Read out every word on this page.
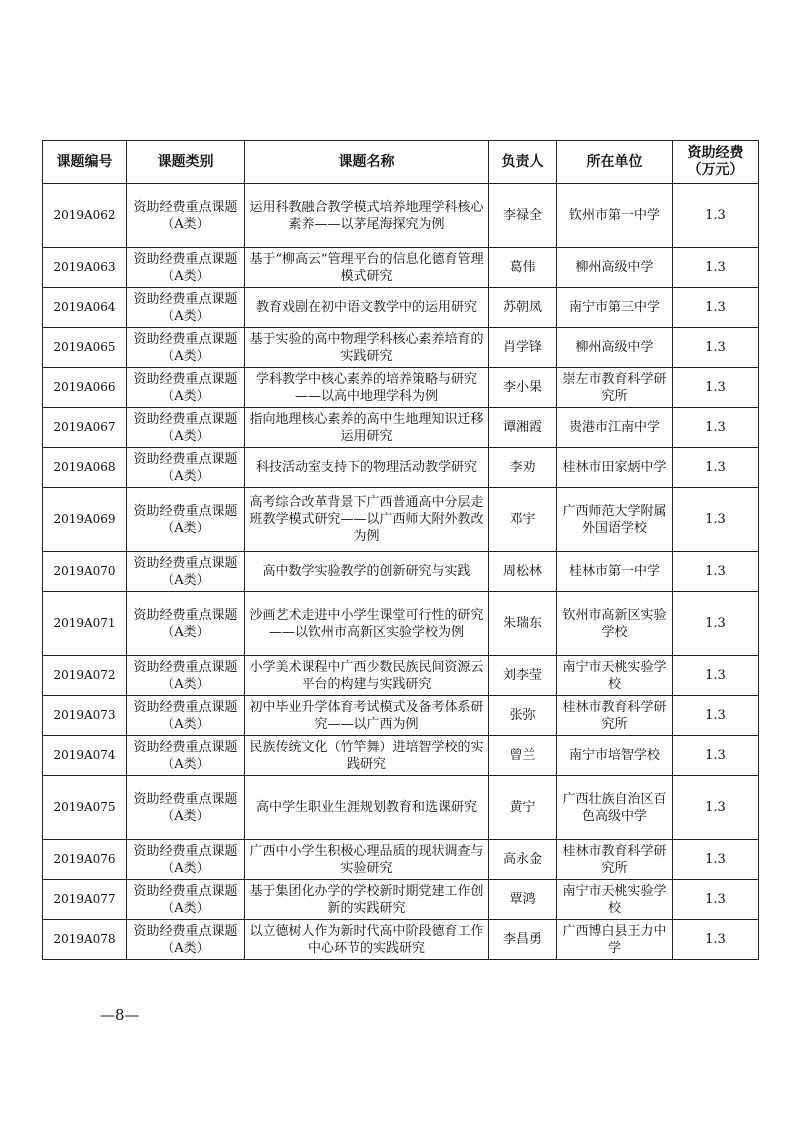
课题编号	课题类别	课题名称	负责人	所在单位	资助经费（万元）
2019A062	资助经费重点课题（A类）	运用科教融合教学模式培养地理学科核心素养——以茅尾海探究为例	李禄全	钦州市第一中学	1.3
2019A063	资助经费重点课题（A类）	基于“柳高云”管理平台的信息化德育管理模式研究	葛伟	柳州高级中学	1.3
2019A064	资助经费重点课题（A类）	教育戏剧在初中语文教学中的运用研究	苏朝凤	南宁市第三中学	1.3
2019A065	资助经费重点课题（A类）	基于实验的高中物理学科核心素养培育的实践研究	肖学锋	柳州高级中学	1.3
2019A066	资助经费重点课题（A类）	学科教学中核心素养的培养策略与研究——以高中地理学科为例	李小果	崇左市教育科学研究所	1.3
2019A067	资助经费重点课题（A类）	指向地理核心素养的高中生地理知识迁移运用研究	谭湘霞	贵港市江南中学	1.3
2019A068	资助经费重点课题（A类）	科技活动室支持下的物理活动教学研究	李劝	桂林市田家炳中学	1.3
2019A069	资助经费重点课题（A类）	高考综合改革背景下广西普通高中分层走班教学模式研究——以广西师大附外教改为例	邓宇	广西师范大学附属外国语学校	1.3
2019A070	资助经费重点课题（A类）	高中数学实验教学的创新研究与实践	周松林	桂林市第一中学	1.3
2019A071	资助经费重点课题（A类）	沙画艺术走进中小学生课堂可行性的研究——以钦州市高新区实验学校为例	朱瑞东	钦州市高新区实验学校	1.3
2019A072	资助经费重点课题（A类）	小学美术课程中广西少数民族民间资源云平台的构建与实践研究	刘李莹	南宁市天桃实验学校	1.3
2019A073	资助经费重点课题（A类）	初中毕业升学体育考试模式及备考体系研究——以广西为例	张弥	桂林市教育科学研究所	1.3
2019A074	资助经费重点课题（A类）	民族传统文化（竹竿舞）进培智学校的实践研究	曾兰	南宁市培智学校	1.3
2019A075	资助经费重点课题（A类）	高中学生职业生涯规划教育和选课研究	黄宁	广西壮族自治区百色高级中学	1.3
2019A076	资助经费重点课题（A类）	广西中小学生积极心理品质的现状调查与实验研究	高永金	桂林市教育科学研究所	1.3
2019A077	资助经费重点课题（A类）	基于集团化办学的学校新时期党建工作创新的实践研究	覃鸿	南宁市天桃实验学校	1.3
2019A078	资助经费重点课题（A类）	以立德树人作为新时代高中阶段德育工作中心环节的实践研究	李昌勇	广西博白县王力中学	1.3
—8—
